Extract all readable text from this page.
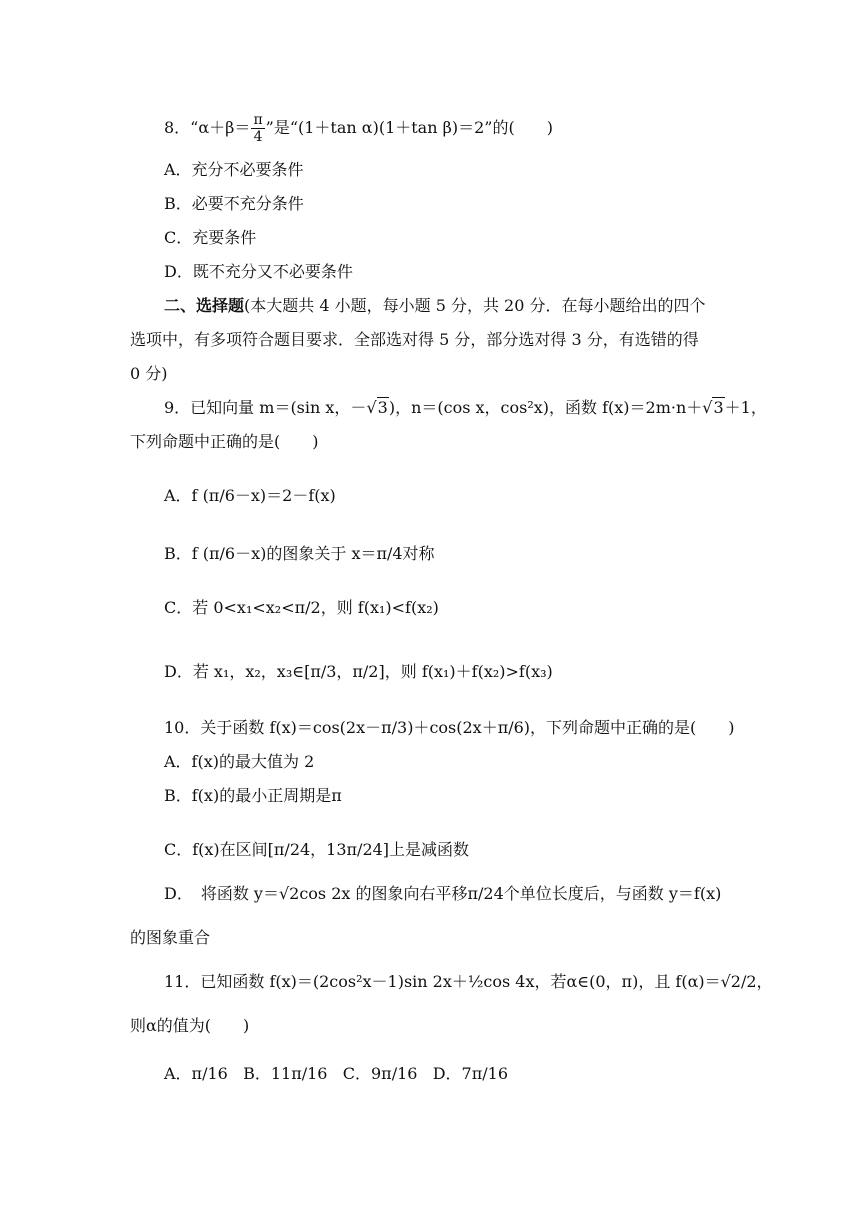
8．“$\alpha+\beta= \frac{\pi}{4}$ ”是“(1＋tan α)(1＋tan β)＝2”的(　　)
A．充分不必要条件
B．必要不充分条件
C．充要条件
D．既不充分又不必要条件
二、选择题(本大题共 4 小题，每小题 5 分，共 20 分．在每小题给出的四个
选项中，有多项符合题目要求．全部选对得 5 分，部分选对得 3 分，有选错的得
0 分)
9．已知向量 m＝(sin x，－√3)，n＝(cos x，cos²x)，函数 f(x)＝2m·n＋√3＋1，
下列命题中正确的是(　　)
A．f (π/6－x)＝2－f(x)
B．f (π/6－x)的图象关于 x＝π/4对称
C．若 0<x₁<x₂<π/2，则 f(x₁)<f(x₂)
D．若 x₁，x₂，x₃∈[π/3，π/2]，则 f(x₁)＋f(x₂)>f(x₃)
10．关于函数 f(x)＝cos(2x－π/3)＋cos(2x＋π/6)，下列命题中正确的是(　　)
A．f(x)的最大值为 2
B．f(x)的最小正周期是π
C．f(x)在区间[π/24，13π/24]上是减函数
D．　将函数 y＝√2cos 2x 的图象向右平移π/24个单位长度后，与函数 y＝f(x)
的图象重合
11．已知函数 f(x)＝(2cos²x－1)sin 2x＋½cos 4x，若α∈(0，π)，且 f(α)＝√2/2，
则α的值为(　　)
A．π/16 B．11π/16 C．9π/16 D．7π/16
